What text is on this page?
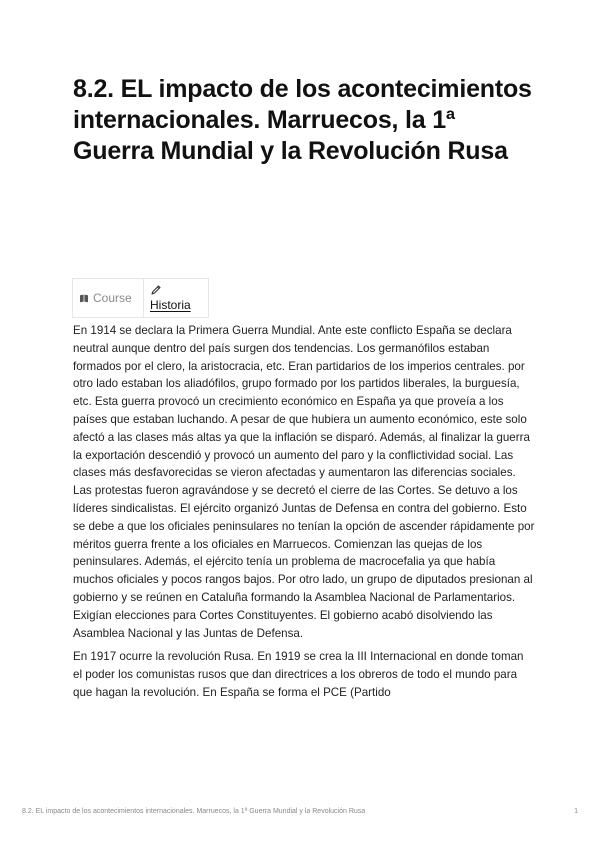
8.2. EL impacto de los acontecimientos internacionales. Marruecos, la 1ª Guerra Mundial y la Revolución Rusa
Course	Historia

En 1914 se declara la Primera Guerra Mundial. Ante este conflicto España se declara neutral aunque dentro del país surgen dos tendencias. Los germanófilos estaban formados por el clero, la aristocracia, etc. Eran partidarios de los imperios centrales. por otro lado estaban los aliadófilos, grupo formado por los partidos liberales, la burguesía, etc. Esta guerra provocó un crecimiento económico en España ya que proveía a los países que estaban luchando. A pesar de que hubiera un aumento económico, este solo afectó a las clases más altas ya que la inflación se disparó. Además, al finalizar la guerra la exportación descendió y provocó un aumento del paro y la conflictividad social. Las clases más desfavorecidas se vieron afectadas y aumentaron las diferencias sociales. Las protestas fueron agravándose y se decretó el cierre de las Cortes. Se detuvo a los líderes sindicalistas. El ejército organizó Juntas de Defensa en contra del gobierno. Esto se debe a que los oficiales peninsulares no tenían la opción de ascender rápidamente por méritos guerra frente a los oficiales en Marruecos. Comienzan las quejas de los peninsulares. Además, el ejército tenía un problema de macrocefalia ya que había muchos oficiales y pocos rangos bajos. Por otro lado, un grupo de diputados presionan al gobierno y se reúnen en Cataluña formando la Asamblea Nacional de Parlamentarios. Exigían elecciones para Cortes Constituyentes. El gobierno acabó disolviendo las Asamblea Nacional y las Juntas de Defensa.

En 1917 ocurre la revolución Rusa. En 1919 se crea la III Internacional en donde toman el poder los comunistas rusos que dan directrices a los obreros de todo el mundo para que hagan la revolución. En España se forma el PCE (Partido

8.2. EL impacto de los acontecimientos internacionales. Marruecos, la 1ª Guerra Mundial y la Revolución Rusa	1
